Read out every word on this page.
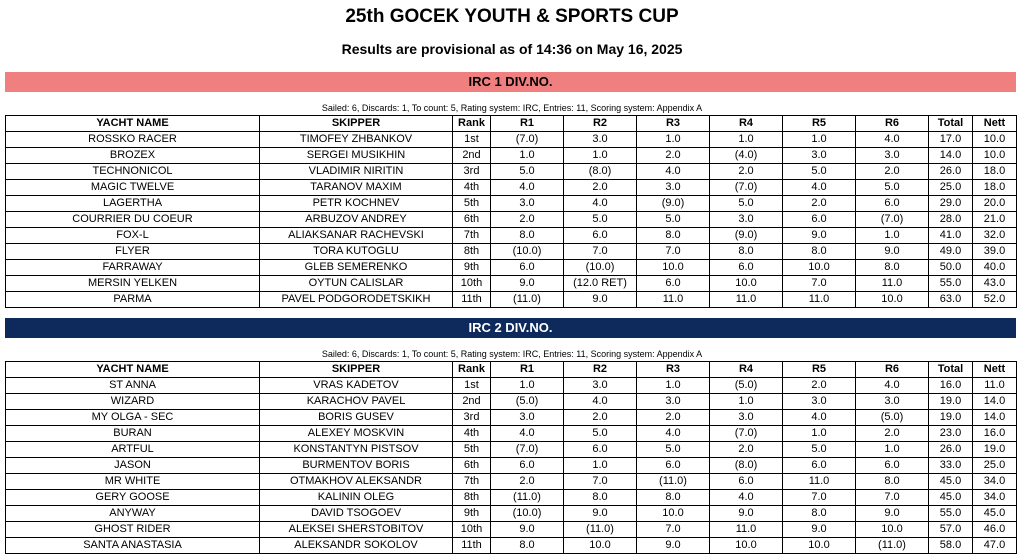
25th GOCEK YOUTH & SPORTS CUP
Results are provisional as of 14:36 on May 16, 2025
IRC 1 DIV.NO.
Sailed: 6, Discards: 1, To count: 5, Rating system: IRC, Entries: 11, Scoring system: Appendix A
YACHT NAME	SKIPPER	Rank	R1	R2	R3	R4	R5	R6	Total	Nett
ROSSKO RACER	TIMOFEY ZHBANKOV	1st	(7.0)	3.0	1.0	1.0	1.0	4.0	17.0	10.0
BROZEX	SERGEI MUSIKHIN	2nd	1.0	1.0	2.0	(4.0)	3.0	3.0	14.0	10.0
TECHNONICOL	VLADIMIR NIRITIN	3rd	5.0	(8.0)	4.0	2.0	5.0	2.0	26.0	18.0
MAGIC TWELVE	TARANOV MAXIM	4th	4.0	2.0	3.0	(7.0)	4.0	5.0	25.0	18.0
LAGERTHA	PETR KOCHNEV	5th	3.0	4.0	(9.0)	5.0	2.0	6.0	29.0	20.0
COURRIER DU COEUR	ARBUZOV ANDREY	6th	2.0	5.0	5.0	3.0	6.0	(7.0)	28.0	21.0
FOX-L	ALIAKSANAR RACHEVSKI	7th	8.0	6.0	8.0	(9.0)	9.0	1.0	41.0	32.0
FLYER	TORA KUTOGLU	8th	(10.0)	7.0	7.0	8.0	8.0	9.0	49.0	39.0
FARRAWAY	GLEB SEMERENKO	9th	6.0	(10.0)	10.0	6.0	10.0	8.0	50.0	40.0
MERSIN YELKEN	OYTUN CALISLAR	10th	9.0	(12.0 RET)	6.0	10.0	7.0	11.0	55.0	43.0
PARMA	PAVEL PODGORODETSKIKH	11th	(11.0)	9.0	11.0	11.0	11.0	10.0	63.0	52.0
IRC 2 DIV.NO.
Sailed: 6, Discards: 1, To count: 5, Rating system: IRC, Entries: 11, Scoring system: Appendix A
YACHT NAME	SKIPPER	Rank	R1	R2	R3	R4	R5	R6	Total	Nett
ST ANNA	VRAS KADETOV	1st	1.0	3.0	1.0	(5.0)	2.0	4.0	16.0	11.0
WIZARD	KARACHOV PAVEL	2nd	(5.0)	4.0	3.0	1.0	3.0	3.0	19.0	14.0
MY OLGA - SEC	BORIS GUSEV	3rd	3.0	2.0	2.0	3.0	4.0	(5.0)	19.0	14.0
BURAN	ALEXEY MOSKVIN	4th	4.0	5.0	4.0	(7.0)	1.0	2.0	23.0	16.0
ARTFUL	KONSTANTYN PISTSOV	5th	(7.0)	6.0	5.0	2.0	5.0	1.0	26.0	19.0
JASON	BURMENTOV BORIS	6th	6.0	1.0	6.0	(8.0)	6.0	6.0	33.0	25.0
MR WHITE	OTMAKHOV ALEKSANDR	7th	2.0	7.0	(11.0)	6.0	11.0	8.0	45.0	34.0
GERY GOOSE	KALININ OLEG	8th	(11.0)	8.0	8.0	4.0	7.0	7.0	45.0	34.0
ANYWAY	DAVID TSOGOEV	9th	(10.0)	9.0	10.0	9.0	8.0	9.0	55.0	45.0
GHOST RIDER	ALEKSEI SHERSTOBITOV	10th	9.0	(11.0)	7.0	11.0	9.0	10.0	57.0	46.0
SANTA ANASTASIA	ALEKSANDR SOKOLOV	11th	8.0	10.0	9.0	10.0	10.0	(11.0)	58.0	47.0
